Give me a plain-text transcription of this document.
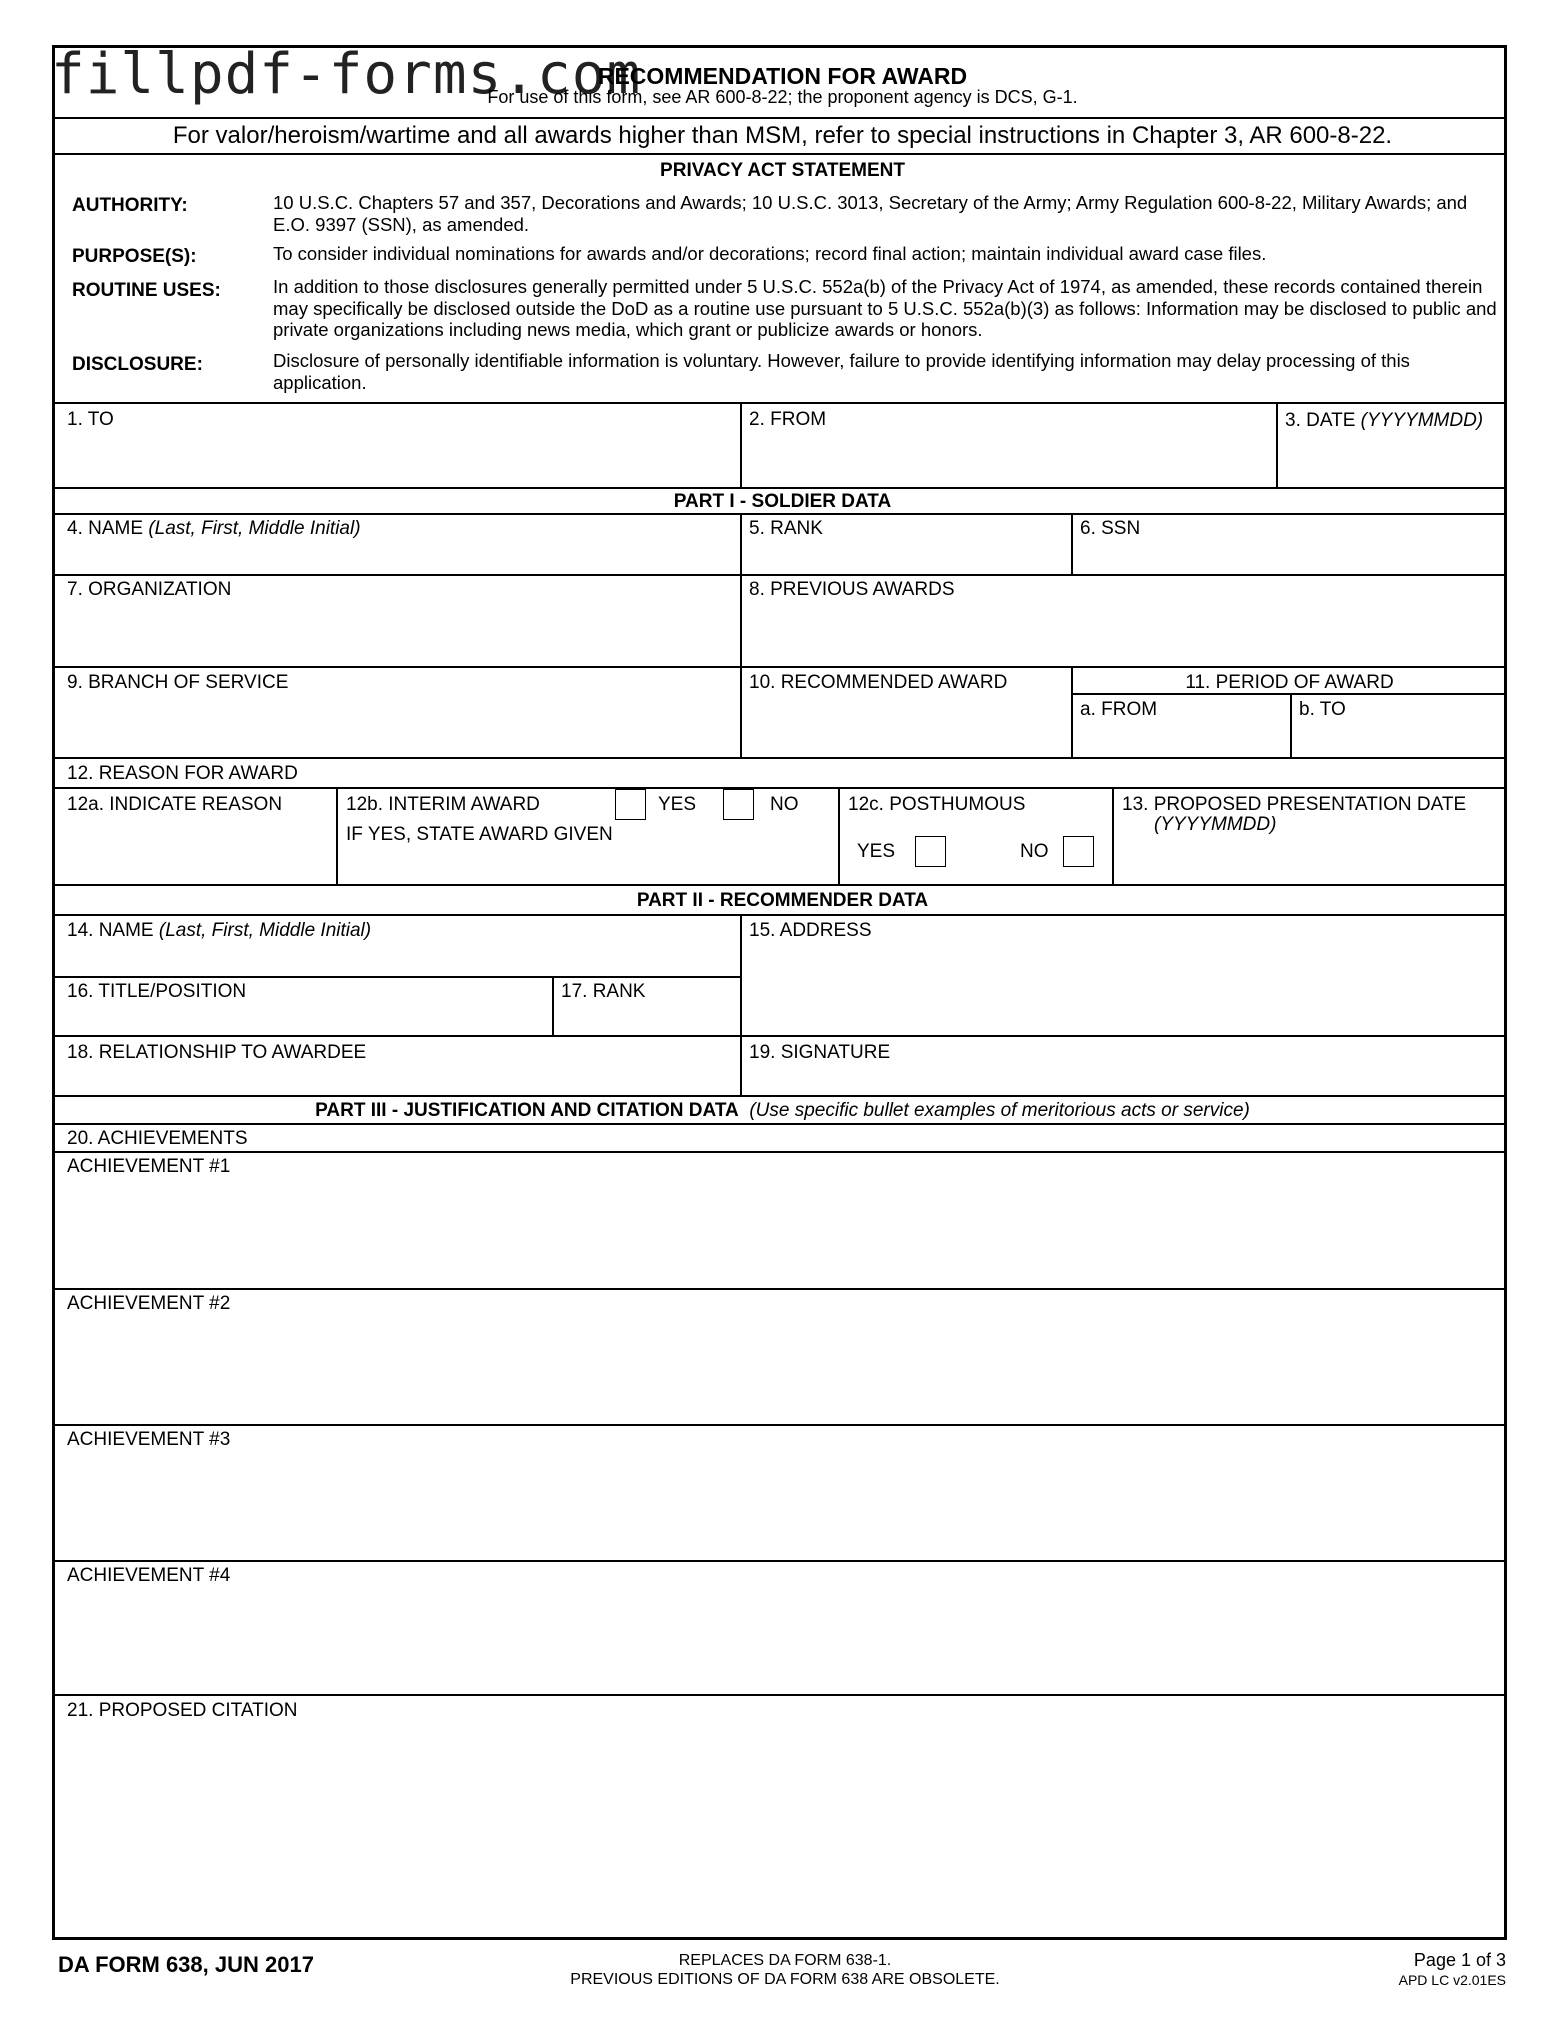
fillpdf-forms.com
RECOMMENDATION FOR AWARD
For use of this form, see AR 600-8-22; the proponent agency is DCS, G-1.
For valor/heroism/wartime and all awards higher than MSM, refer to special instructions in Chapter 3, AR 600-8-22.
PRIVACY ACT STATEMENT
AUTHORITY:	10 U.S.C. Chapters 57 and 357, Decorations and Awards; 10 U.S.C. 3013, Secretary of the Army; Army Regulation 600-8-22, Military Awards; and E.O. 9397 (SSN), as amended.
PURPOSE(S):	To consider individual nominations for awards and/or decorations; record final action; maintain individual award case files.
ROUTINE USES:	In addition to those disclosures generally permitted under 5 U.S.C. 552a(b) of the Privacy Act of 1974, as amended, these records contained therein may specifically be disclosed outside the DoD as a routine use pursuant to 5 U.S.C. 552a(b)(3) as follows: Information may be disclosed to public and private organizations including news media, which grant or publicize awards or honors.
DISCLOSURE:	Disclosure of personally identifiable information is voluntary. However, failure to provide identifying information may delay processing of this application.
1. TO	2. FROM	3. DATE (YYYYMMDD)
PART I - SOLDIER DATA
4. NAME (Last, First, Middle Initial)	5. RANK	6. SSN
7. ORGANIZATION	8. PREVIOUS AWARDS
9. BRANCH OF SERVICE	10. RECOMMENDED AWARD	11. PERIOD OF AWARD
a. FROM	b. TO
12. REASON FOR AWARD
12a. INDICATE REASON	12b. INTERIM AWARD	YES	NO
IF YES, STATE AWARD GIVEN
12c. POSTHUMOUS
YES	NO
13. PROPOSED PRESENTATION DATE
(YYYYMMDD)
PART II - RECOMMENDER DATA
14. NAME (Last, First, Middle Initial)	15. ADDRESS
16. TITLE/POSITION	17. RANK
18. RELATIONSHIP TO AWARDEE	19. SIGNATURE
PART III - JUSTIFICATION AND CITATION DATA (Use specific bullet examples of meritorious acts or service)
20. ACHIEVEMENTS
ACHIEVEMENT #1
ACHIEVEMENT #2
ACHIEVEMENT #3
ACHIEVEMENT #4
21. PROPOSED CITATION
DA FORM 638, JUN 2017	REPLACES DA FORM 638-1.
PREVIOUS EDITIONS OF DA FORM 638 ARE OBSOLETE.
Page 1 of 3
APD LC v2.01ES
